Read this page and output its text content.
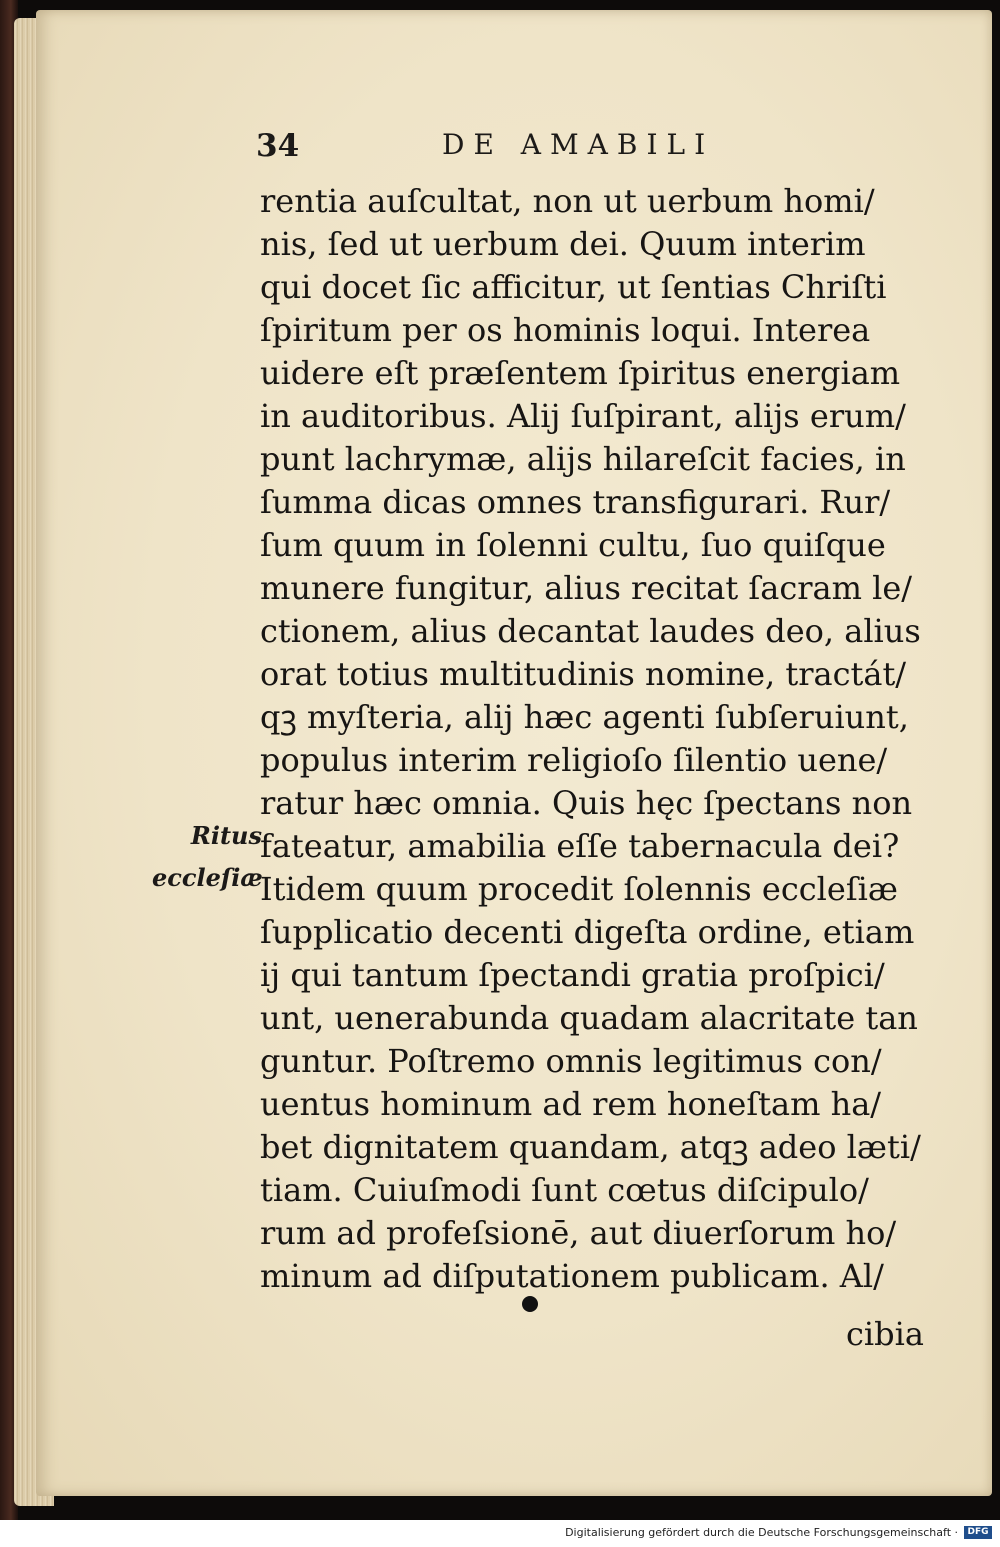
34	DE AMABILI
rentia auſcultat, non ut uerbum homi/
nis, ſed ut uerbum dei. Quum interim
qui docet ſic afficitur, ut ſentias Chriſti
ſpiritum per os hominis loqui. Interea
uidere eſt præſentem ſpiritus energiam
in auditoribus. Alij ſuſpirant, alijs erum/
punt lachrymæ, alijs hilareſcit facies, in
ſumma dicas omnes transfigurari. Rur/
ſum quum in ſolenni cultu, ſuo quiſque
munere fungitur, alius recitat ſacram le/
ctionem, alius decantat laudes deo, alius
orat totius multitudinis nomine, tractát/
qꝫ myſteria, alij hæc agenti ſubſeruiunt,
populus interim religioſo ſilentio uene/
ratur hæc omnia. Quis hęc ſpectans non
fateatur, amabilia eſſe tabernacula dei?
Itidem quum procedit ſolennis eccleſiæ
ſupplicatio decenti digeſta ordine, etiam
ij qui tantum ſpectandi gratia proſpici/
unt, uenerabunda quadam alacritate tan
guntur. Poſtremo omnis legitimus con/
uentus hominum ad rem honeſtam ha/
bet dignitatem quandam, atqꝫ adeo læti/
tiam. Cuiuſmodi ſunt cœtus diſcipulo/
rum ad profeſsionē, aut diuerſorum ho/
minum ad diſputationem publicam. Al/
Ritus
eccleſiæ
cibia
Digitalisierung gefördert durch die Deutsche Forschungsgemeinschaft ·	DFG
